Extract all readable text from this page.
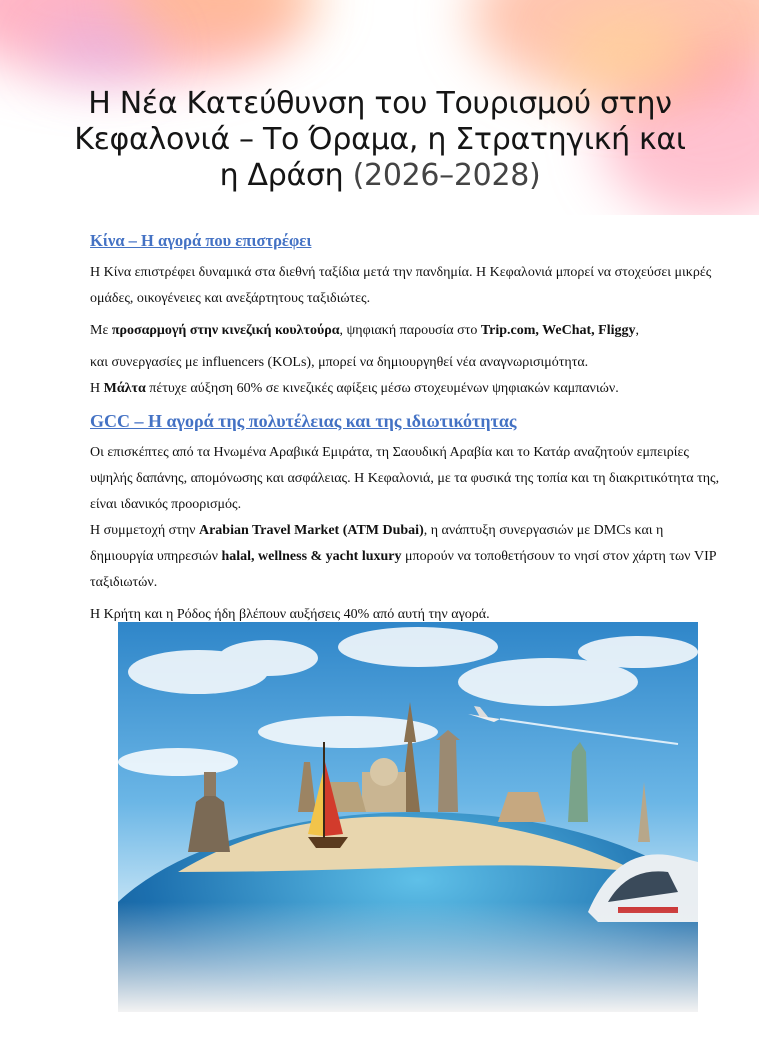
Η Νέα Κατεύθυνση του Τουρισμού στην Κεφαλονιά – Το Όραμα, η Στρατηγική και η Δράση (2026–2028)
Κίνα – Η αγορά που επιστρέφει

Η Κίνα επιστρέφει δυναμικά στα διεθνή ταξίδια μετά την πανδημία. Η Κεφαλονιά μπορεί να στοχεύσει μικρές ομάδες, οικογένειες και ανεξάρτητους ταξιδιώτες.

Με προσαρμογή στην κινεζική κουλτούρα, ψηφιακή παρουσία στο Trip.com, WeChat, Fliggy,

και συνεργασίες με influencers (KOLs), μπορεί να δημιουργηθεί νέα αναγνωρισιμότητα.

Η Μάλτα πέτυχε αύξηση 60% σε κινεζικές αφίξεις μέσω στοχευμένων ψηφιακών καμπανιών.

GCC – Η αγορά της πολυτέλειας και της ιδιωτικότητας

Οι επισκέπτες από τα Ηνωμένα Αραβικά Εμιράτα, τη Σαουδική Αραβία και το Κατάρ αναζητούν εμπειρίες υψηλής δαπάνης, απομόνωσης και ασφάλειας. Η Κεφαλονιά, με τα φυσικά της τοπία και τη διακριτικότητα της, είναι ιδανικός προορισμός.

Η συμμετοχή στην Arabian Travel Market (ATM Dubai), η ανάπτυξη συνεργασιών με DMCs και η δημιουργία υπηρεσιών halal, wellness & yacht luxury μπορούν να τοποθετήσουν το νησί στον χάρτη των VIP ταξιδιωτών.

Η Κρήτη και η Ρόδος ήδη βλέπουν αυξήσεις 40% από αυτή την αγορά.
